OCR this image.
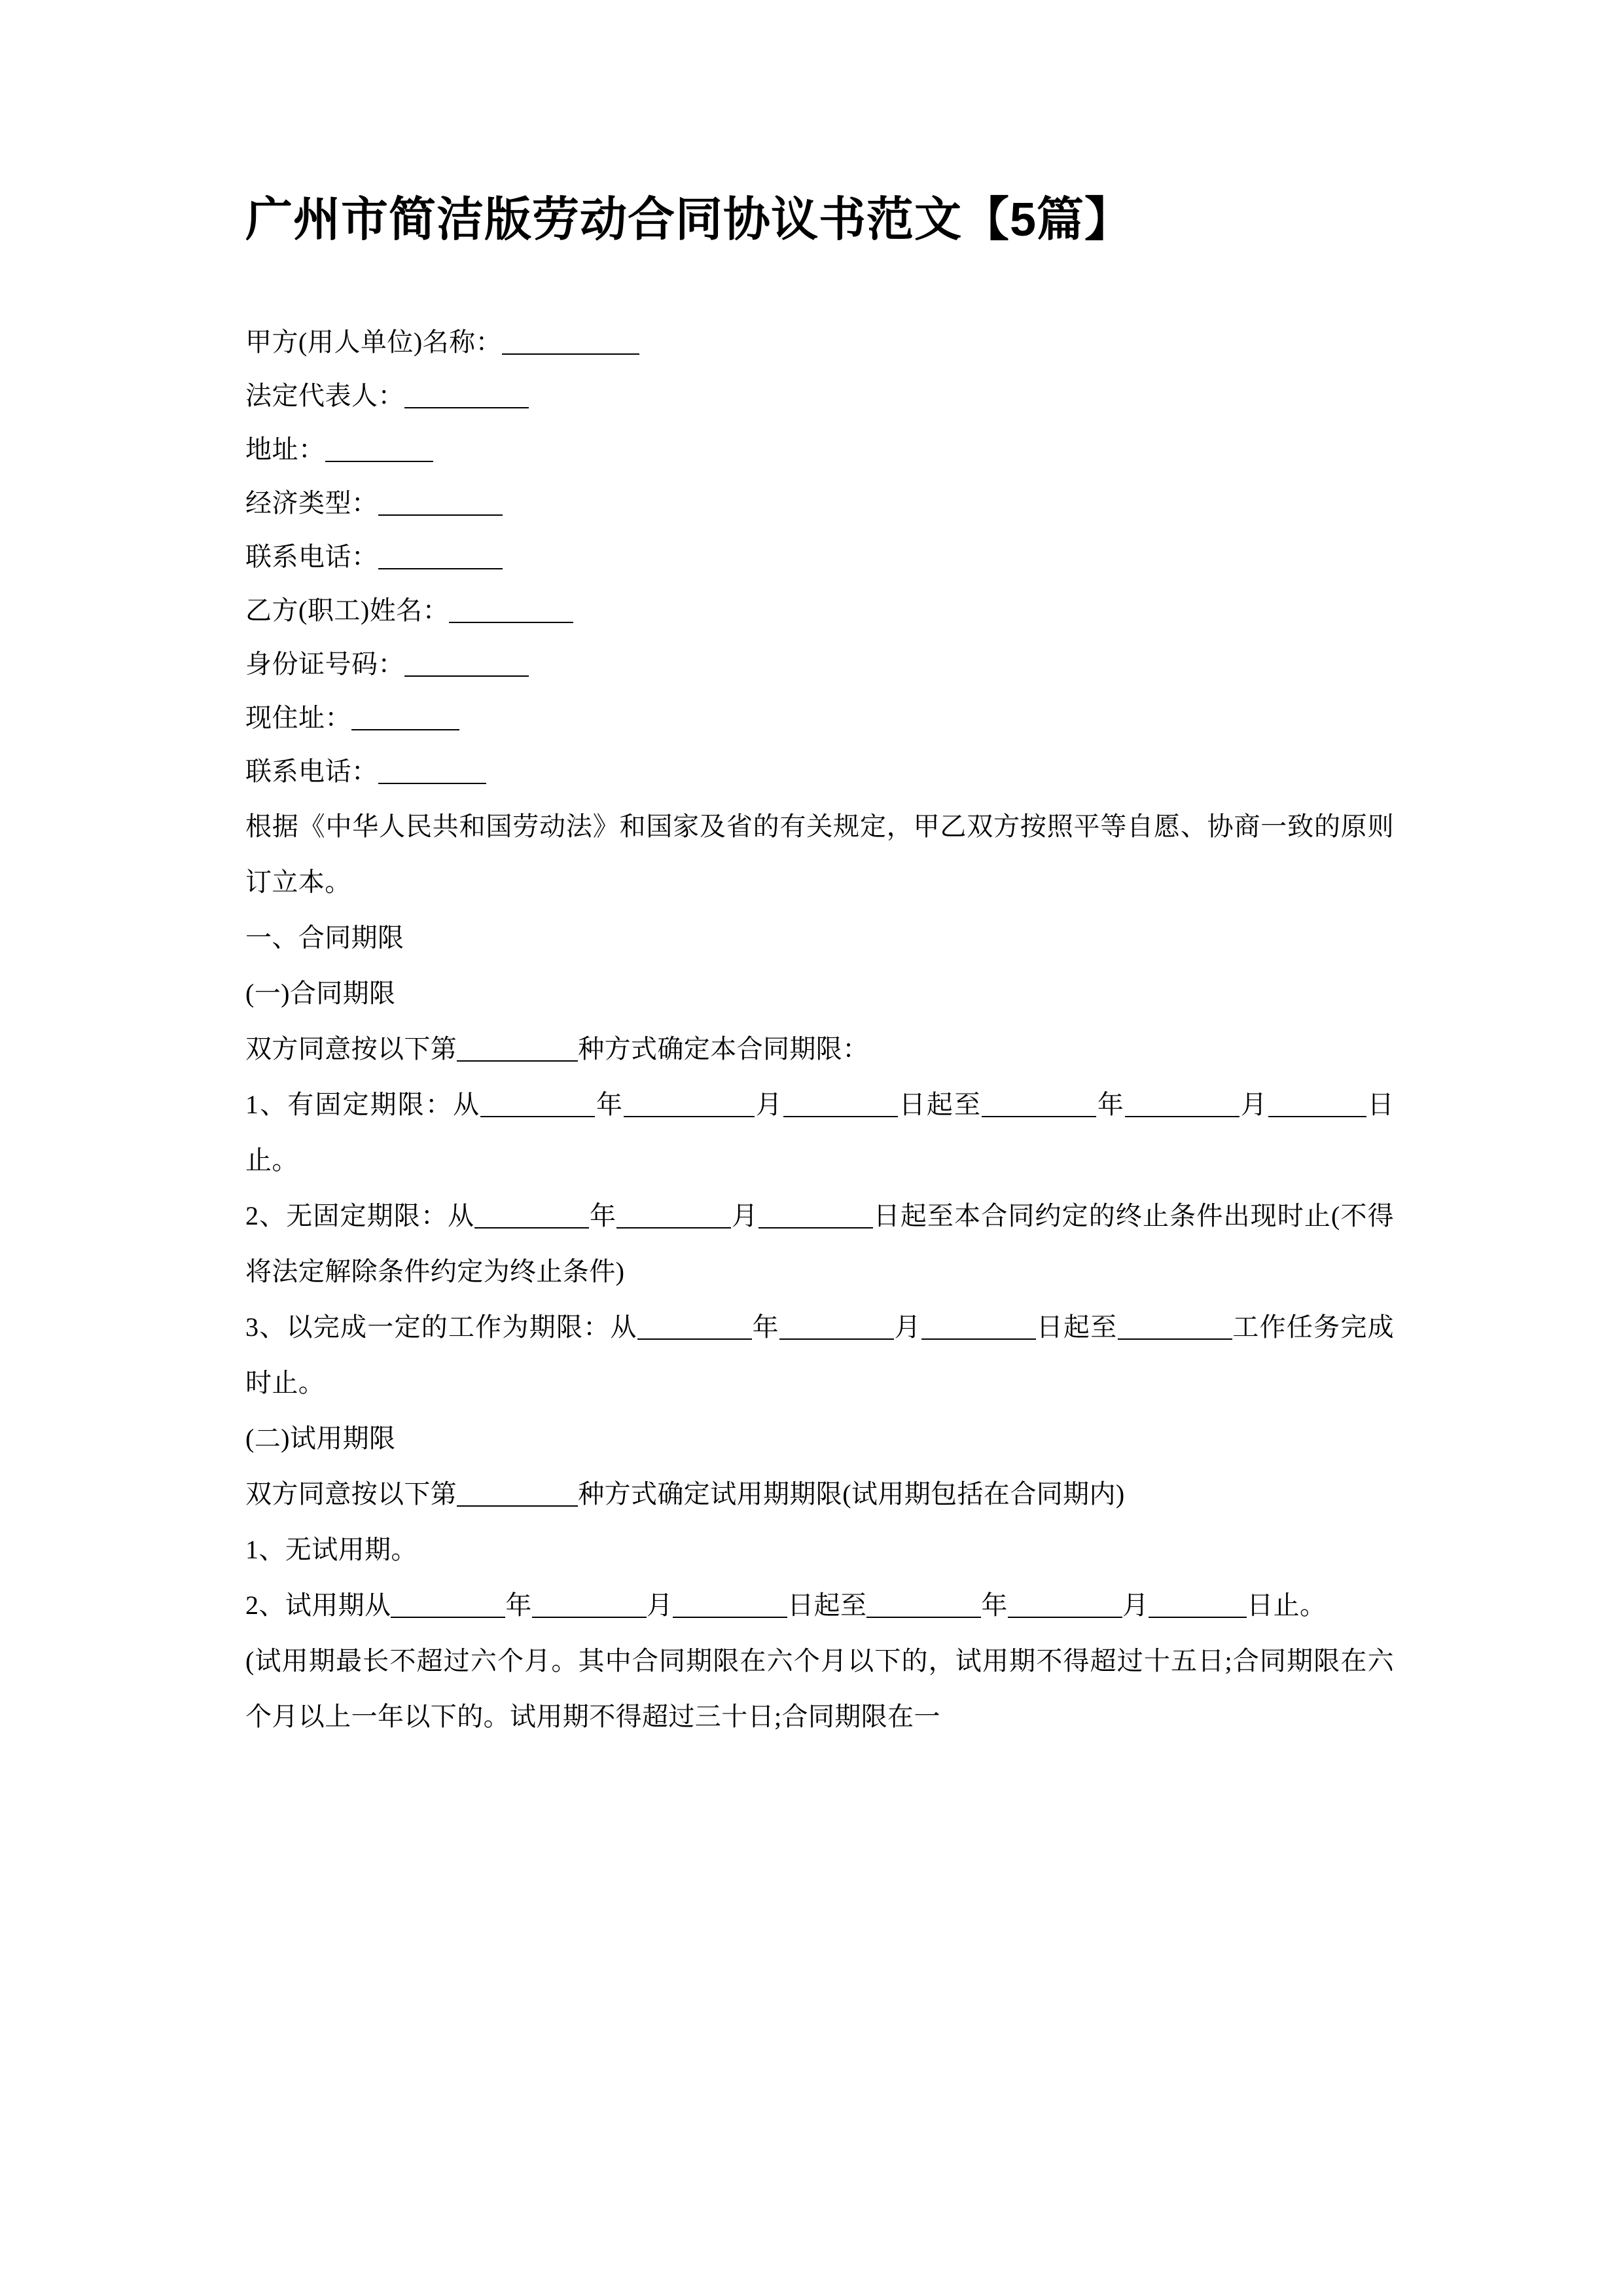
广州市简洁版劳动合同协议书范文【5篇】
甲方(用人单位)名称：
法定代表人：
地址：
经济类型：
联系电话：
乙方(职工)姓名：
身份证号码：
现住址：
联系电话：

根据《中华人民共和国劳动法》和国家及省的有关规定，甲乙双方按照平等自愿、协商一致的原则订立本。

一、合同期限

(一)合同期限

双方同意按以下第	种方式确定本合同期限：

1、有固定期限：从	年	月	日起至	年	月	日止。

2、无固定期限：从	年	月	日起至本合同约定的终止条件出现时止(不得将法定解除条件约定为终止条件)

3、以完成一定的工作为期限：从	年	月	日起至	工作任务完成时止。

(二)试用期限

双方同意按以下第	种方式确定试用期期限(试用期包括在合同期内)

1、无试用期。

2、试用期从	年	月	日起至	年	月	日止。

(试用期最长不超过六个月。其中合同期限在六个月以下的，试用期不得超过十五日;合同期限在六个月以上一年以下的。试用期不得超过三十日;合同期限在一
